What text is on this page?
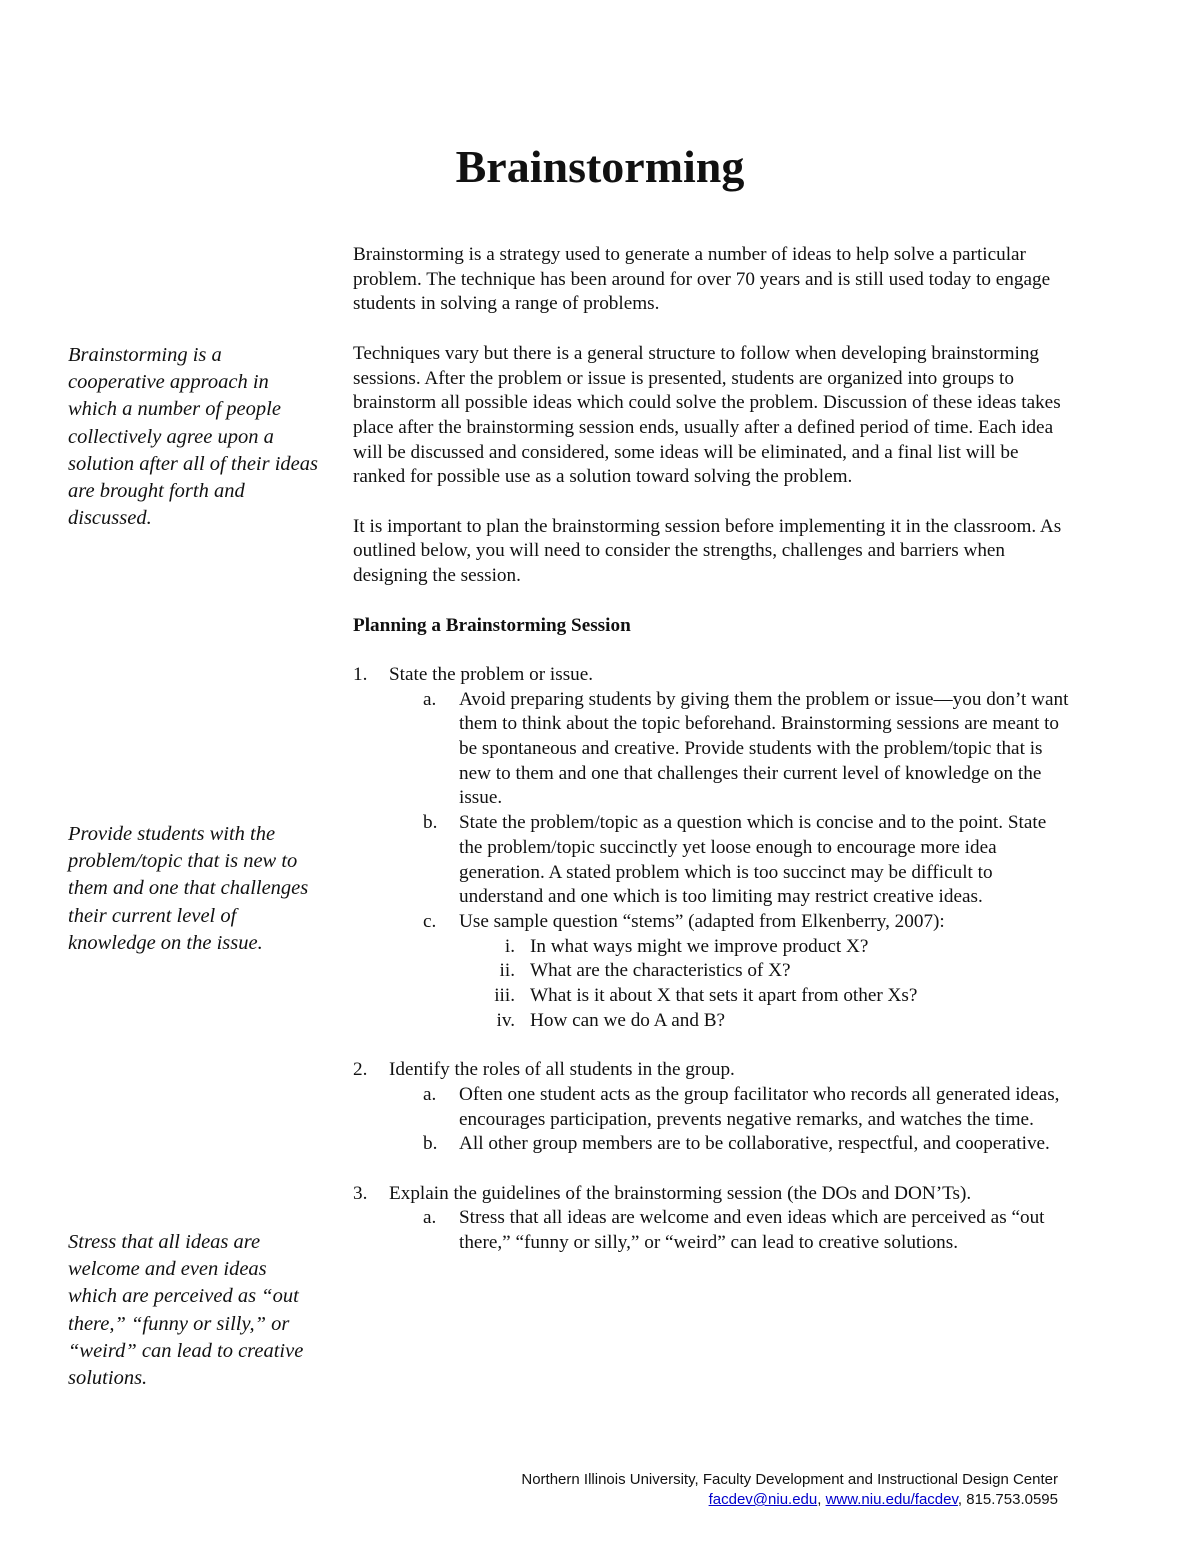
Brainstorming

Brainstorming is a cooperative approach in which a number of people collectively agree upon a solution after all of their ideas are brought forth and discussed.

Provide students with the problem/topic that is new to them and one that challenges their current level of knowledge on the issue.

Stress that all ideas are welcome and even ideas which are perceived as “out there,” “funny or silly,” or “weird” can lead to creative solutions.

Brainstorming is a strategy used to generate a number of ideas to help solve a particular problem. The technique has been around for over 70 years and is still used today to engage students in solving a range of problems.

Techniques vary but there is a general structure to follow when developing brainstorming sessions. After the problem or issue is presented, students are organized into groups to brainstorm all possible ideas which could solve the problem. Discussion of these ideas takes place after the brainstorming session ends, usually after a defined period of time. Each idea will be discussed and considered, some ideas will be eliminated, and a final list will be ranked for possible use as a solution toward solving the problem.

It is important to plan the brainstorming session before implementing it in the classroom. As outlined below, you will need to consider the strengths, challenges and barriers when designing the session.

Planning a Brainstorming Session
1.	State the problem or issue.
a. Avoid preparing students by giving them the problem or issue—you don’t want them to think about the topic beforehand. Brainstorming sessions are meant to be spontaneous and creative. Provide students with the problem/topic that is new to them and one that challenges their current level of knowledge on the issue.
b. State the problem/topic as a question which is concise and to the point. State the problem/topic succinctly yet loose enough to encourage more idea generation. A stated problem which is too succinct may be difficult to understand and one which is too limiting may restrict creative ideas.
c. Use sample question “stems” (adapted from Elkenberry, 2007):
i. In what ways might we improve product X?
ii. What are the characteristics of X?
iii. What is it about X that sets it apart from other Xs?
iv. How can we do A and B?
2.	Identify the roles of all students in the group.
a. Often one student acts as the group facilitator who records all generated ideas, encourages participation, prevents negative remarks, and watches the time.
b. All other group members are to be collaborative, respectful, and cooperative.
3.	Explain the guidelines of the brainstorming session (the DOs and DON’Ts).
a. Stress that all ideas are welcome and even ideas which are perceived as “out there,” “funny or silly,” or “weird” can lead to creative solutions.
Northern Illinois University, Faculty Development and Instructional Design Center
facdev@niu.edu, www.niu.edu/facdev, 815.753.0595
